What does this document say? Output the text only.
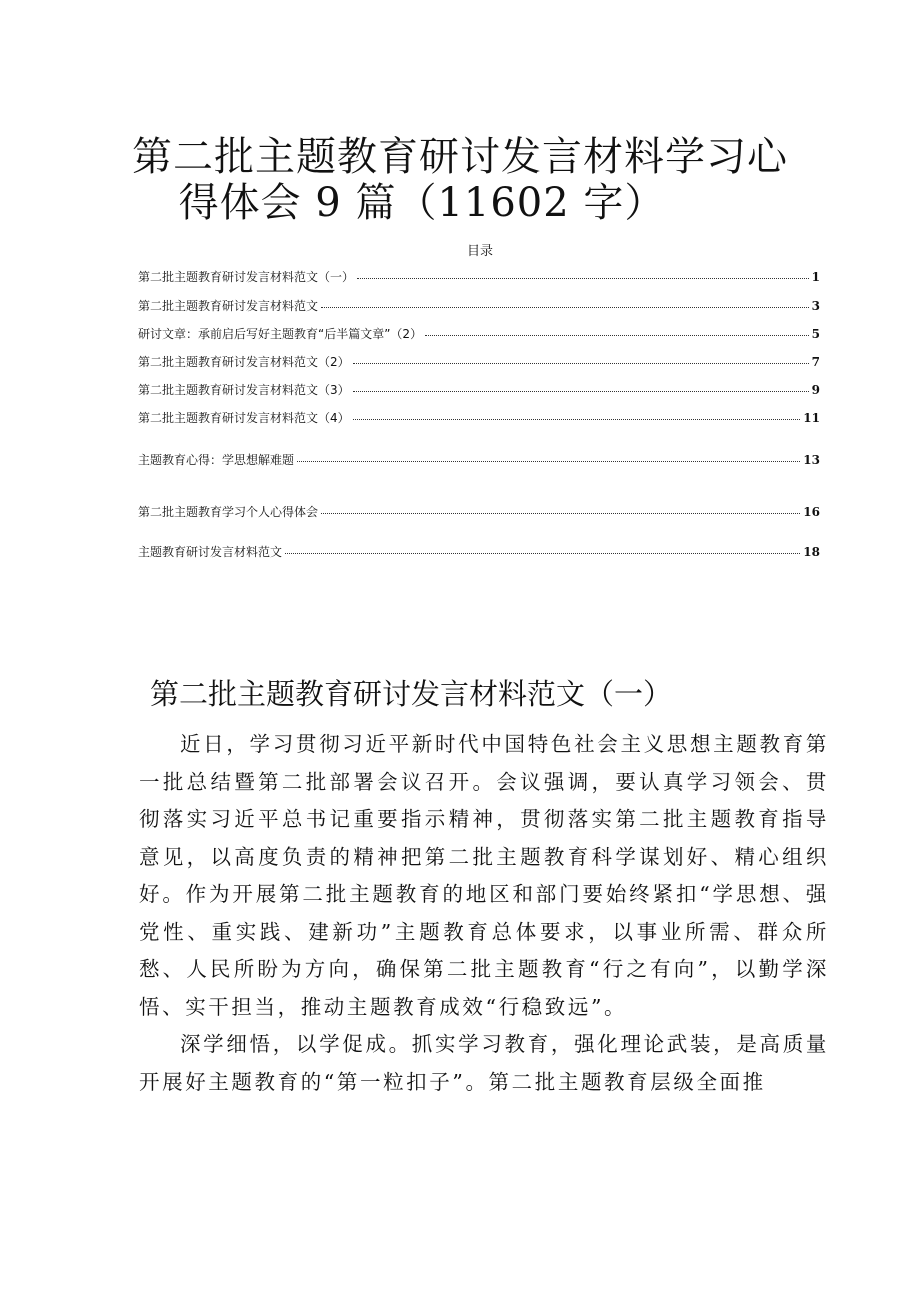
第二批主题教育研讨发言材料学习心
得体会 9 篇（11602 字）
目录
第二批主题教育研讨发言材料范文（一）	1
第二批主题教育研讨发言材料范文	3
研讨文章：承前启后写好主题教育“后半篇文章”（2）	5
第二批主题教育研讨发言材料范文（2）	7
第二批主题教育研讨发言材料范文（3）	9
第二批主题教育研讨发言材料范文（4）	11
主题教育心得：学思想解难题	13
第二批主题教育学习个人心得体会	16
主题教育研讨发言材料范文	18
第二批主题教育研讨发言材料范文（一）

近日，学习贯彻习近平新时代中国特色社会主义思想主题教育第一批总结暨第二批部署会议召开。会议强调，要认真学习领会、贯彻落实习近平总书记重要指示精神，贯彻落实第二批主题教育指导意见，以高度负责的精神把第二批主题教育科学谋划好、精心组织好。作为开展第二批主题教育的地区和部门要始终紧扣“学思想、强党性、重实践、建新功”主题教育总体要求，以事业所需、群众所愁、人民所盼为方向，确保第二批主题教育“行之有向”，以勤学深悟、实干担当，推动主题教育成效“行稳致远”。

深学细悟，以学促成。抓实学习教育，强化理论武装，是高质量开展好主题教育的“第一粒扣子”。第二批主题教育层级全面推
